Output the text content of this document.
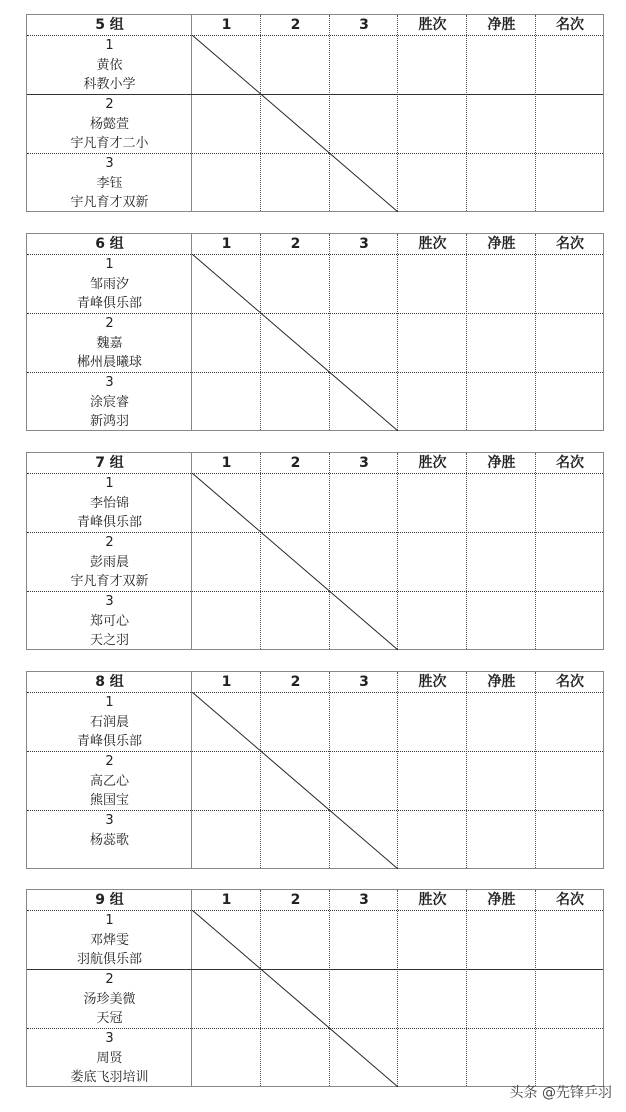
5 组	1	2	3	胜次	净胜	名次
1
黄依
科教小学
2
杨懿萱
宇凡育才二小
3
李钰
宇凡育才双新
6 组	1	2	3	胜次	净胜	名次
1
邹雨汐
青峰俱乐部
2
魏嘉
郴州晨曦球
3
涂宸睿
新鸿羽
7 组	1	2	3	胜次	净胜	名次
1
李怡锦
青峰俱乐部
2
彭雨晨
宇凡育才双新
3
郑可心
天之羽
8 组	1	2	3	胜次	净胜	名次
1
石润晨
青峰俱乐部
2
高乙心
熊国宝
3
杨蕊歌
9 组	1	2	3	胜次	净胜	名次
1
邓烨雯
羽航俱乐部
2
汤珍美微
天冠
3
周贤
娄底飞羽培训
头条 @先锋乒羽
